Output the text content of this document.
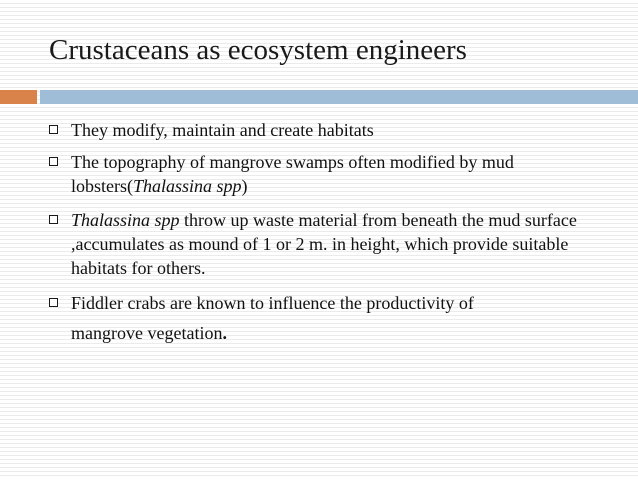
Crustaceans as ecosystem engineers
They modify, maintain and create habitats
The topography of mangrove swamps often modified by mud lobsters(Thalassina spp)
Thalassina spp throw up waste material from beneath the mud surface ,accumulates as mound of 1 or 2 m. in height, which provide suitable habitats for others.
Fiddler crabs are known to influence the productivity of
mangrove vegetation.
